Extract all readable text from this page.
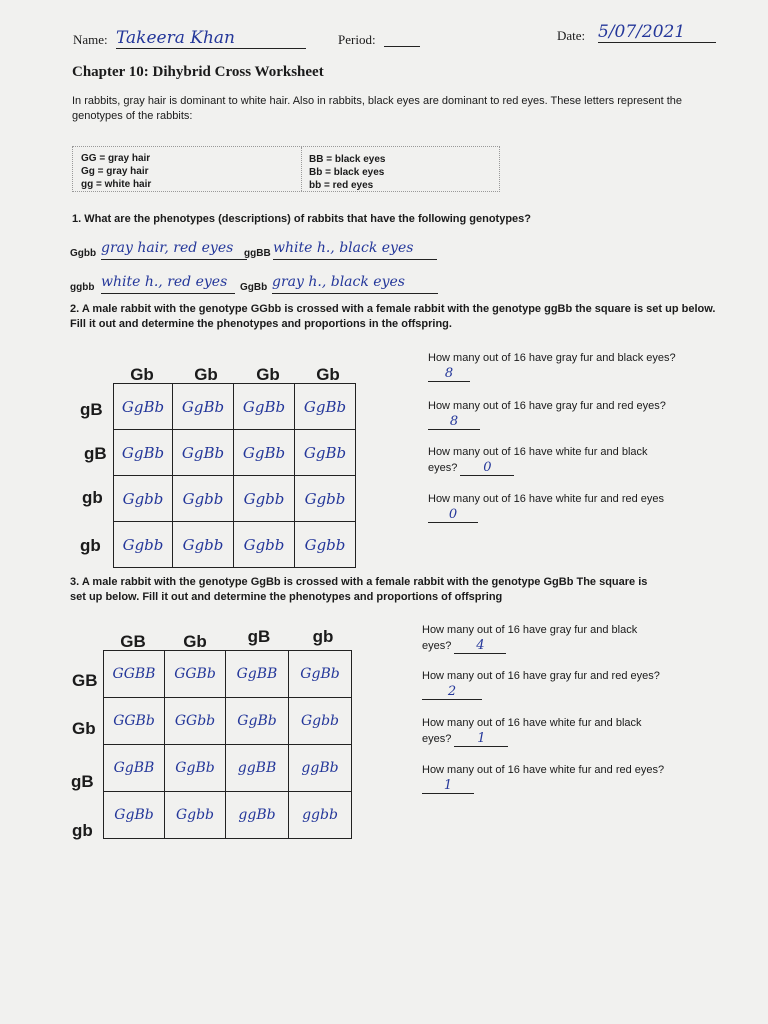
Name: Takeera Khan	Period:	Date: 5/07/2021
Chapter 10: Dihybrid Cross Worksheet
In rabbits, gray hair is dominant to white hair. Also in rabbits, black eyes are dominant to red eyes. These letters represent the genotypes of the rabbits:
GG = gray hair
Gg = gray hair
gg = white hair
BB = black eyes
Bb = black eyes
bb = red eyes
1. What are the phenotypes (descriptions) of rabbits that have the following genotypes?
Ggbb gray hair, red eyes	ggBB white h., black eyes
ggbb white h., red eyes	GgBb gray h., black eyes
2. A male rabbit with the genotype GGbb is crossed with a female rabbit with the genotype ggBb the square is set up below. Fill it out and determine the phenotypes and proportions in the offspring.
Gb	Gb	Gb	Gb
gB
gB
gb
gb
GgBb	GgBb	GgBb	GgBb
GgBb	GgBb	GgBb	GgBb
Ggbb	Ggbb	Ggbb	Ggbb
Ggbb	Ggbb	Ggbb	Ggbb
How many out of 16 have gray fur and black eyes? 8
How many out of 16 have gray fur and red eyes? 8
How many out of 16 have white fur and black eyes? 0
How many out of 16 have white fur and red eyes 0
3. A male rabbit with the genotype GgBb is crossed with a female rabbit with the genotype GgBb The square is set up below. Fill it out and determine the phenotypes and proportions of offspring
GB	Gb	gB	gb
GB
Gb
gB
gb
GGBB	GGBb	GgBB	GgBb
GGBb	GGbb	GgBb	Ggbb
GgBB	GgBb	ggBB	ggBb
GgBb	Ggbb	ggBb	ggbb
How many out of 16 have gray fur and black eyes? 4
How many out of 16 have gray fur and red eyes? 2
How many out of 16 have white fur and black eyes? 1
How many out of 16 have white fur and red eyes? 1
